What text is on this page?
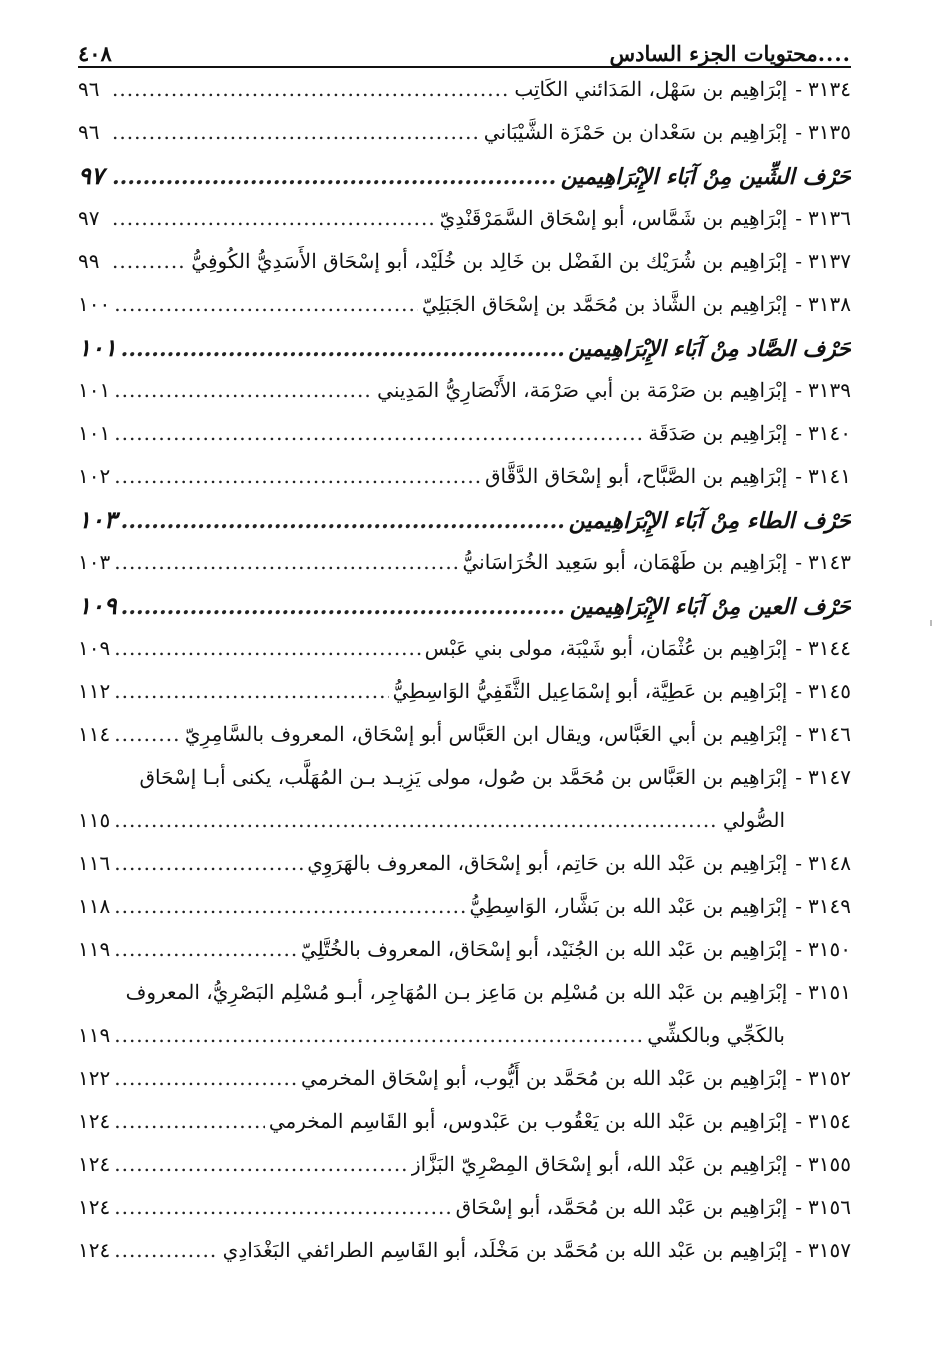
....
محتويات الجزء السادس
٤٠٨
٣١٣٤
-
إبْرَاهِيم بن سَهْل، المَدَائني الكَاتِب
.....
٩٦
٣١٣٥
-
إبْرَاهِيم بن سَعْدان بن حَمْزَة الشَّيْبَاني
.....
٩٦
حَرْف الشِّين مِنْ آبَاء الإِبْرَاهِيمين
.....
٩٧
٣١٣٦
-
إبْرَاهِيم بن شَمَّاس، أبو إسْحَاق السَّمَرْقَنْدِيّ
.....
٩٧
٣١٣٧
-
إبْرَاهِيم بن شُرَيْك بن الفَضْل بن خَالِد بن خُلَيْد، أبو إسْحَاق الأَسَدِيُّ الكُوفِيُّ
.....
٩٩
٣١٣٨
-
إبْرَاهِيم بن الشَّاذ بن مُحَمَّد بن إسْحَاق الجَبَلِيّ
.....
١٠٠
حَرْف الصَّاد مِنْ آبَاء الإِبْرَاهِيمين
.....
١٠١
٣١٣٩
-
إبْرَاهِيم بن صَرْمَة بن أبي صَرْمَة، الأَنْصَارِيُّ المَدِيني
.....
١٠١
٣١٤٠
-
إبْرَاهِيم بن صَدَقَة
.....
١٠١
٣١٤١
-
إبْرَاهِيم بن الصَّبَّاح، أبو إسْحَاق الدَّقَّاق
.....
١٠٢
حَرْف الطاء مِنْ آبَاء الإِبْرَاهِيمين
.....
١٠٣
٣١٤٣
-
إبْرَاهِيم بن طَهْمَان، أبو سَعِيد الخُرَاسَانيُّ
.....
١٠٣
حَرْف العين مِنْ آبَاء الإِبْرَاهِيمين
.....
١٠٩
٣١٤٤
-
إبْرَاهِيم بن عُثْمَان، أبو شَيْبَة، مولى بني عَبْس
.....
١٠٩
٣١٤٥
-
إبْرَاهِيم بن عَطِيَّة، أبو إسْمَاعِيل الثَّقَفِيُّ الوَاسِطِيُّ
.....
١١٢
٣١٤٦
-
إبْرَاهِيم بن أبي العَبَّاس، ويقال ابن العَبَّاس أبو إسْحَاق، المعروف بالسَّامِرِيّ
.....
١١٤
٣١٤٧
-
إبْرَاهِيم بن العَبَّاس بن مُحَمَّد بن صُول، مولى يَزِيـد بـن المُهَلَّب، يكنى أبـا إسْحَاق
الصُّولي
.....
١١٥
٣١٤٨
-
إبْرَاهِيم بن عَبْد الله بن حَاتِم، أبو إسْحَاق، المعروف بالهَرَوِي
.....
١١٦
٣١٤٩
-
إبْرَاهِيم بن عَبْد الله بن بَشَّار، الوَاسِطِيُّ
.....
١١٨
٣١٥٠
-
إبْرَاهِيم بن عَبْد الله بن الجُنَيْد، أبو إسْحَاق، المعروف بالخُتَّلِيّ
.....
١١٩
٣١٥١
-
إبْرَاهِيم بن عَبْد الله بن مُسْلِم بن مَاعِز بـن المُهَاجِر، أبـو مُسْلِم البَصْرِيُّ، المعروف
بالكَجِّي وبالكشِّي
.....
١١٩
٣١٥٢
-
إبْرَاهِيم بن عَبْد الله بن مُحَمَّد بن أَيُّوب، أبو إسْحَاق المخرمي
.....
١٢٢
٣١٥٤
-
إبْرَاهِيم بن عَبْد الله بن يَعْقُوب بن عَبْدوس، أبو القَاسِم المخرمي
.....
١٢٤
٣١٥٥
-
إبْرَاهِيم بن عَبْد الله، أبو إسْحَاق المِصْرِيّ البَزَّاز
.....
١٢٤
٣١٥٦
-
إبْرَاهِيم بن عَبْد الله بن مُحَمَّد، أبو إسْحَاق
.....
١٢٤
٣١٥٧
-
إبْرَاهِيم بن عَبْد الله بن مُحَمَّد بن مَخْلَد، أبو القَاسِم الطرائفي البَغْدَادِي
.....
١٢٤
